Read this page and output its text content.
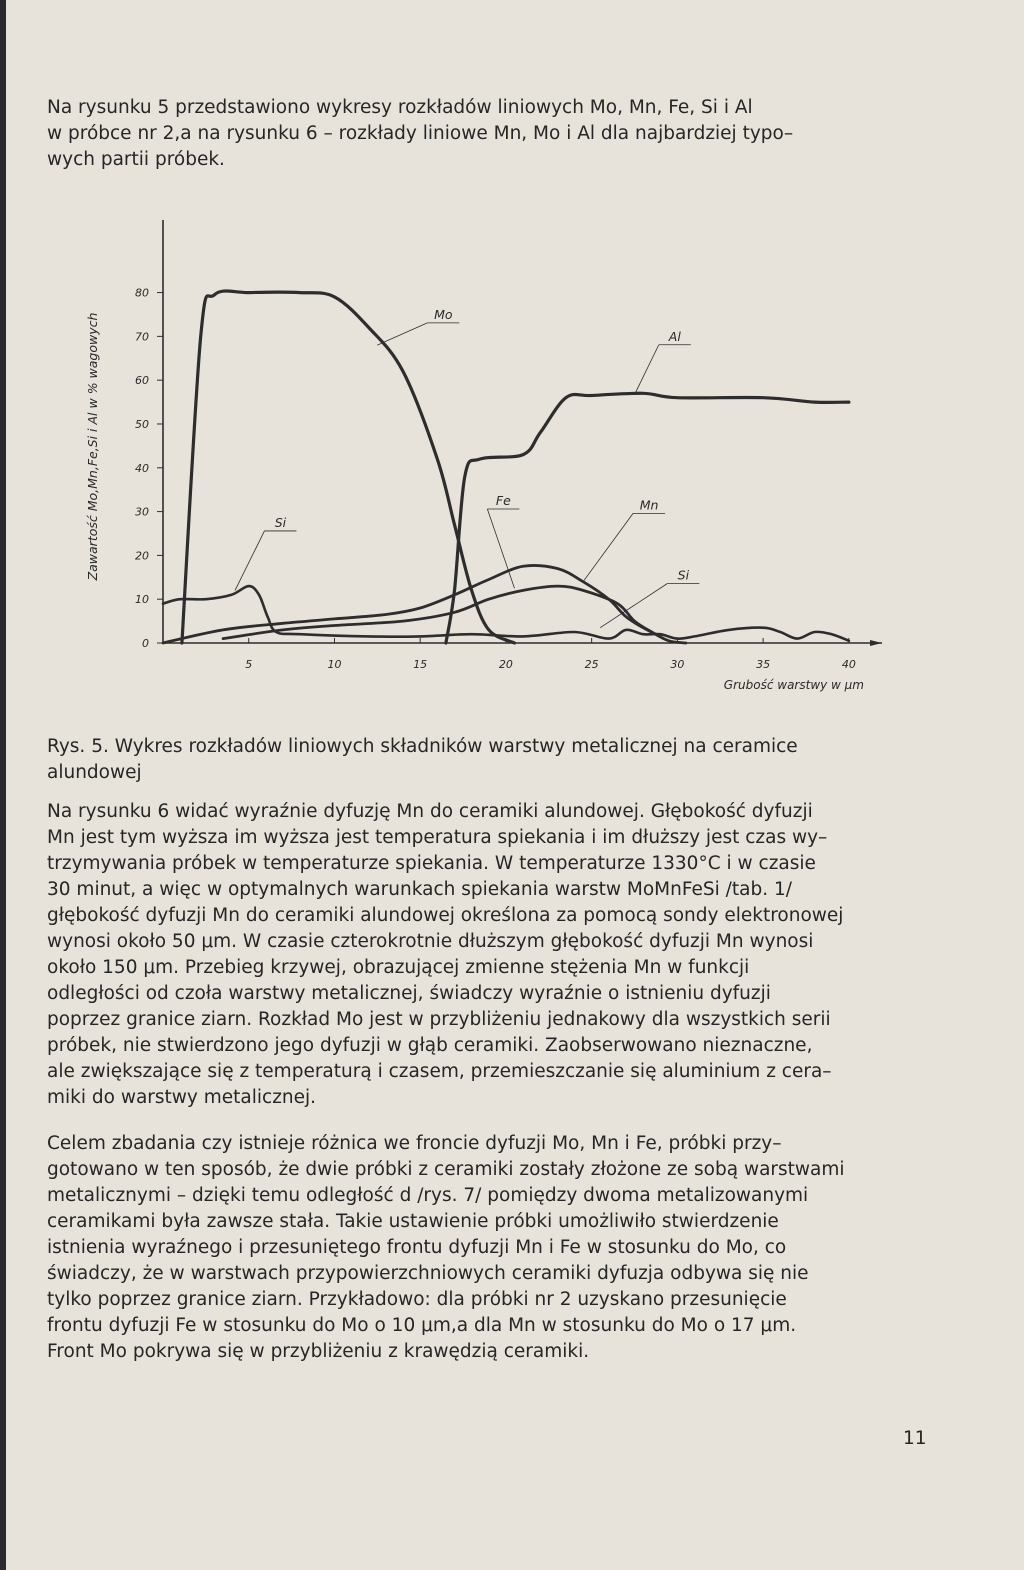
Na rysunku 5 przedstawiono wykresy rozkładów liniowych Mo, Mn, Fe, Si i Al
w próbce nr 2,a na rysunku 6 – rozkłady liniowe Mn, Mo i Al dla najbardziej typo–
wych partii próbek.

0
10
20
30
40
50
60
70
80
5	10	15	20	25	30	35	40
Zawartość Mo,Mn,Fe,Si i Al w % wagowych
Grubość warstwy w μm
Mo
Al
Fe	Mn
Si
Si

Rys. 5. Wykres rozkładów liniowych składników warstwy metalicznej na ceramice
alundowej

Na rysunku 6 widać wyraźnie dyfuzję Mn do ceramiki alundowej. Głębokość dyfuzji
Mn jest tym wyższa im wyższa jest temperatura spiekania i im dłuższy jest czas wy–
trzymywania próbek w temperaturze spiekania. W temperaturze 1330°C i w czasie
30 minut, a więc w optymalnych warunkach spiekania warstw MoMnFeSi /tab. 1/
głębokość dyfuzji Mn do ceramiki alundowej określona za pomocą sondy elektronowej
wynosi około 50 μm. W czasie czterokrotnie dłuższym głębokość dyfuzji Mn wynosi
około 150 μm. Przebieg krzywej, obrazującej zmienne stężenia Mn w funkcji
odległości od czoła warstwy metalicznej, świadczy wyraźnie o istnieniu dyfuzji
poprzez granice ziarn. Rozkład Mo jest w przybliżeniu jednakowy dla wszystkich serii
próbek, nie stwierdzono jego dyfuzji w głąb ceramiki. Zaobserwowano nieznaczne,
ale zwiększające się z temperaturą i czasem, przemieszczanie się aluminium z cera–
miki do warstwy metalicznej.

Celem zbadania czy istnieje różnica we froncie dyfuzji Mo, Mn i Fe, próbki przy–
gotowano w ten sposób, że dwie próbki z ceramiki zostały złożone ze sobą warstwami
metalicznymi – dzięki temu odległość d /rys. 7/ pomiędzy dwoma metalizowanymi
ceramikami była zawsze stała. Takie ustawienie próbki umożliwiło stwierdzenie
istnienia wyraźnego i przesuniętego frontu dyfuzji Mn i Fe w stosunku do Mo, co
świadczy, że w warstwach przypowierzchniowych ceramiki dyfuzja odbywa się nie
tylko poprzez granice ziarn. Przykładowo: dla próbki nr 2 uzyskano przesunięcie
frontu dyfuzji Fe w stosunku do Mo o 10 μm,a dla Mn w stosunku do Mo o 17 μm.
Front Mo pokrywa się w przybliżeniu z krawędzią ceramiki.

11
